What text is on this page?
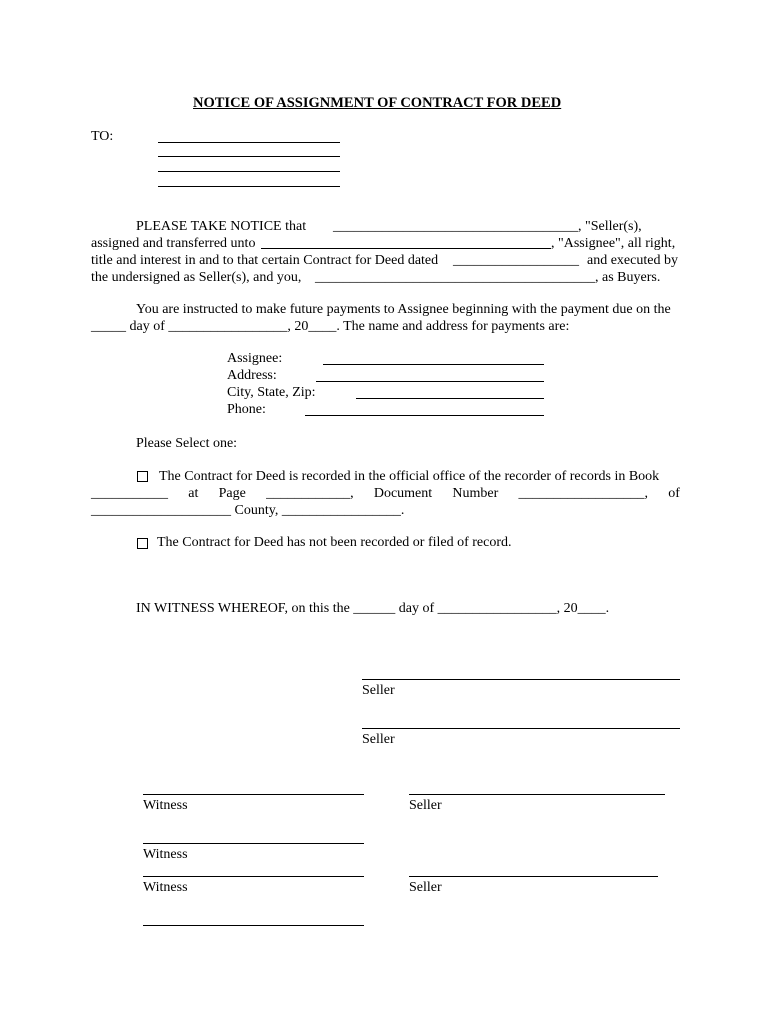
NOTICE OF ASSIGNMENT OF CONTRACT FOR DEED
TO:
PLEASE TAKE NOTICE that ___________________________________, "Seller(s),
assigned and transferred unto	, "Assignee", all right,
title and interest in and to that certain Contract for Deed dated __________________ and executed by
the undersigned as Seller(s), and you, ________________________________________, as Buyers.
You are instructed to make future payments to Assignee beginning with the payment due on the
_____ day of _________________, 20____. The name and address for payments are:
Assignee:
Address:
City, State, Zip:
Phone:
Please Select one:
The Contract for Deed is recorded in the official office of the recorder of records in Book
___________ at Page ____________, Document Number __________________, of
____________________ County, _________________.
The Contract for Deed has not been recorded or filed of record.
IN WITNESS WHEREOF, on this the ______ day of _________________, 20____.
Seller
Seller
Witness	Seller
Witness
Witness	Seller
